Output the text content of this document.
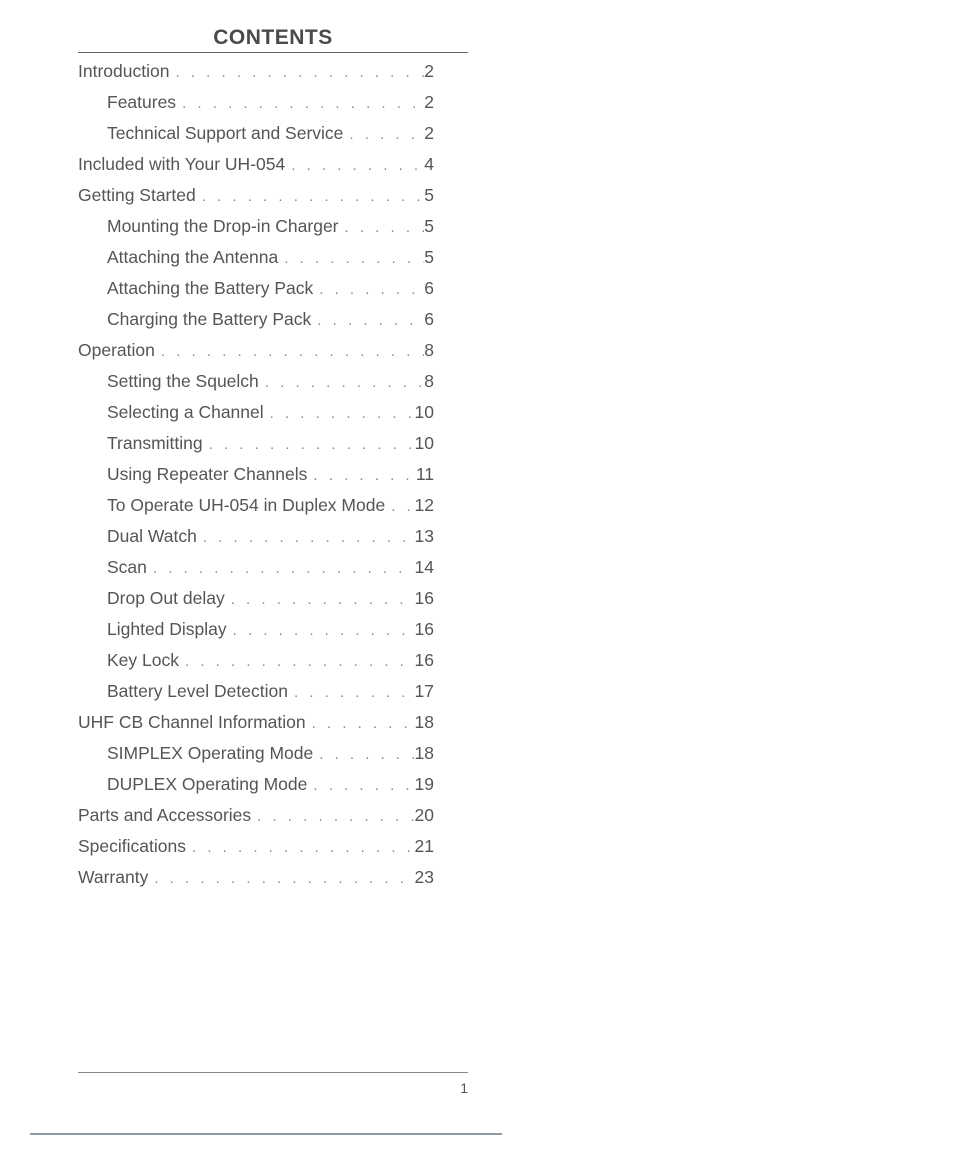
CONTENTS
Introduction . . .	2
Features . . .	2
Technical Support and Service . . .	2
Included with Your UH-054 . . .	4
Getting Started . . .	5
Mounting the Drop-in Charger . . .	5
Attaching the Antenna . . .	5
Attaching the Battery Pack . . .	6
Charging the Battery Pack . . .	6
Operation . . .	8
Setting the Squelch . . .	8
Selecting a Channel . . .	10
Transmitting . . .	10
Using Repeater Channels . . .	11
To Operate UH-054 in Duplex Mode . . . 12
Dual Watch . . .	13
Scan . . .	14
Drop Out delay . . .	16
Lighted Display . . .	16
Key Lock . . .	16
Battery Level Detection . . .	17
UHF CB Channel Information . . .	18
SIMPLEX Operating Mode . . .	18
DUPLEX Operating Mode . . .	19
Parts and Accessories . . .	20
Specifications . . .	21
Warranty . . .	23
1
